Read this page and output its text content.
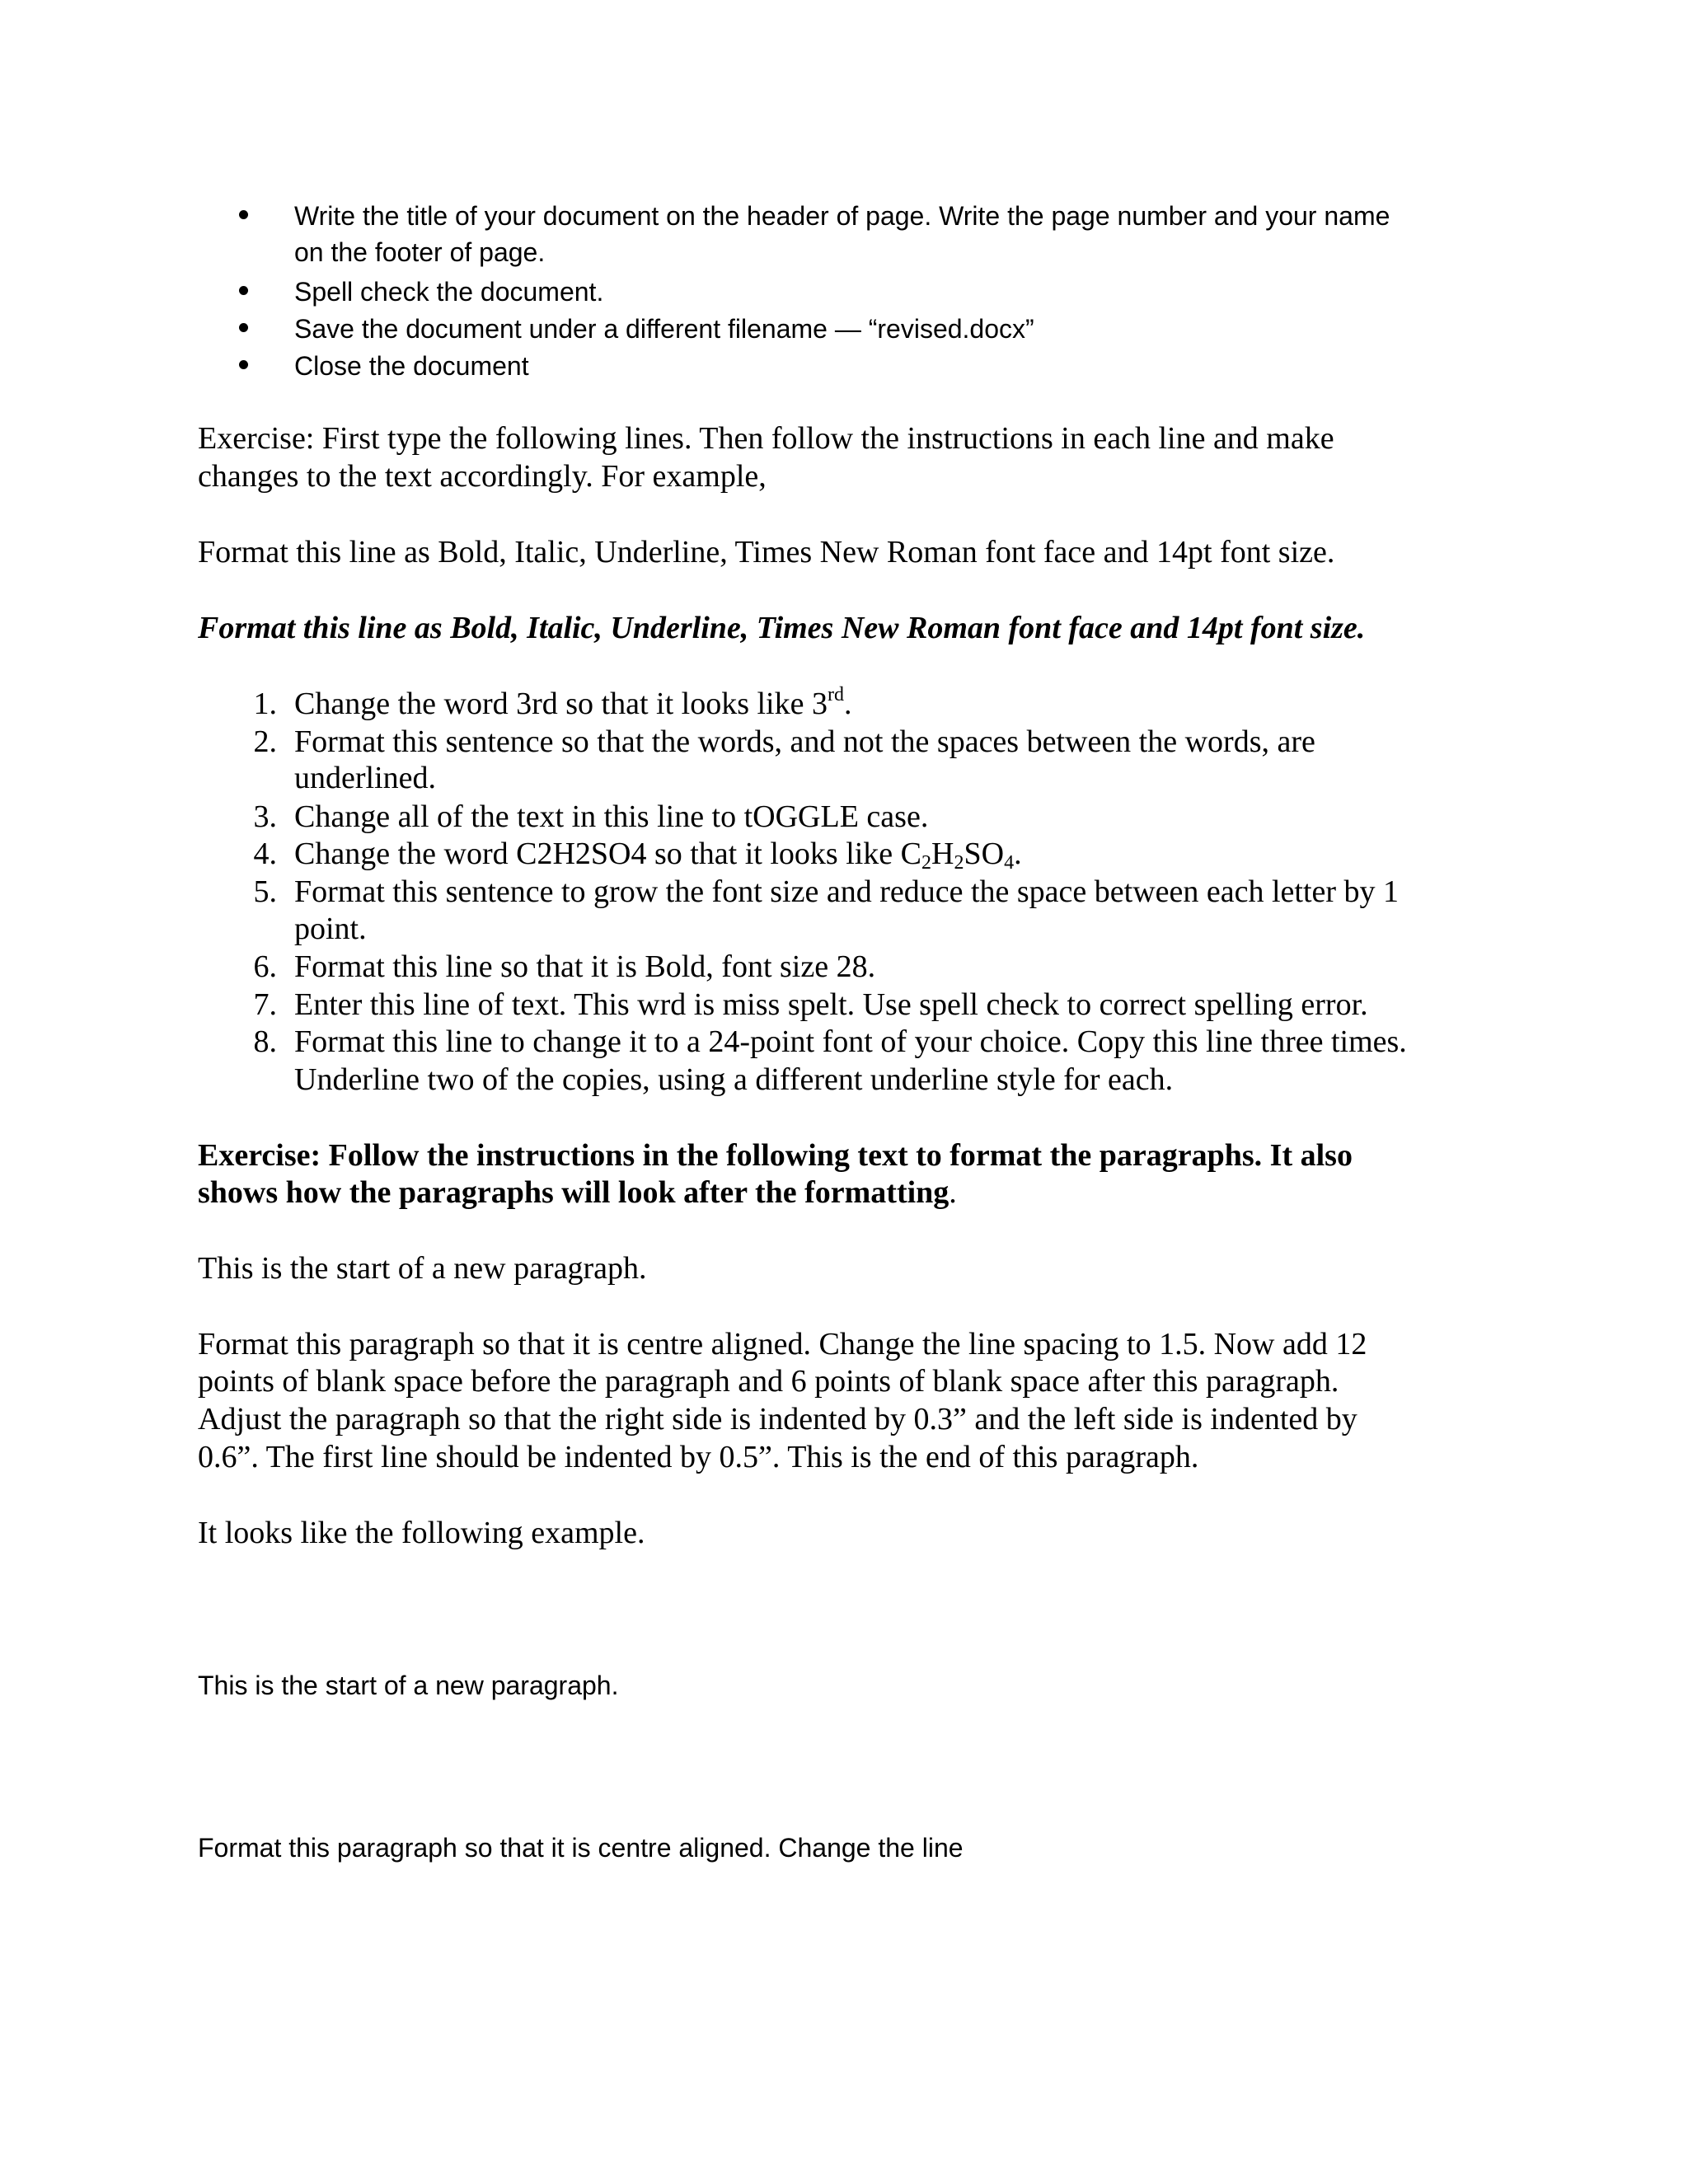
Write the title of your document on the header of page. Write the page number and your name
on the footer of page.
Spell check the document.
Save the document under a different filename — “revised.docx”
Close the document
Exercise: First type the following lines. Then follow the instructions in each line and make
changes to the text accordingly. For example,
Format this line as Bold, Italic, Underline, Times New Roman font face and 14pt font size.
Format this line as Bold, Italic, Underline, Times New Roman font face and 14pt font size.
1. Change the word 3rd so that it looks like 3rd.
2. Format this sentence so that the words, and not the spaces between the words, are
underlined.
3. Change all of the text in this line to tOGGLE case.
4. Change the word C2H2SO4 so that it looks like $C_2H_2SO_4$.
5. Format this sentence to grow the font size and reduce the space between each letter by 1
point.
6. Format this line so that it is Bold, font size 28.
7. Enter this line of text. This wrd is miss spelt. Use spell check to correct spelling error.
8. Format this line to change it to a 24-point font of your choice. Copy this line three times.
Underline two of the copies, using a different underline style for each.
Exercise: Follow the instructions in the following text to format the paragraphs. It also
shows how the paragraphs will look after the formatting.
This is the start of a new paragraph.
Format this paragraph so that it is centre aligned. Change the line spacing to 1.5. Now add 12
points of blank space before the paragraph and 6 points of blank space after this paragraph.
Adjust the paragraph so that the right side is indented by 0.3” and the left side is indented by
0.6”. The first line should be indented by 0.5”. This is the end of this paragraph.
It looks like the following example.
This is the start of a new paragraph.
Format this paragraph so that it is centre aligned. Change the line
